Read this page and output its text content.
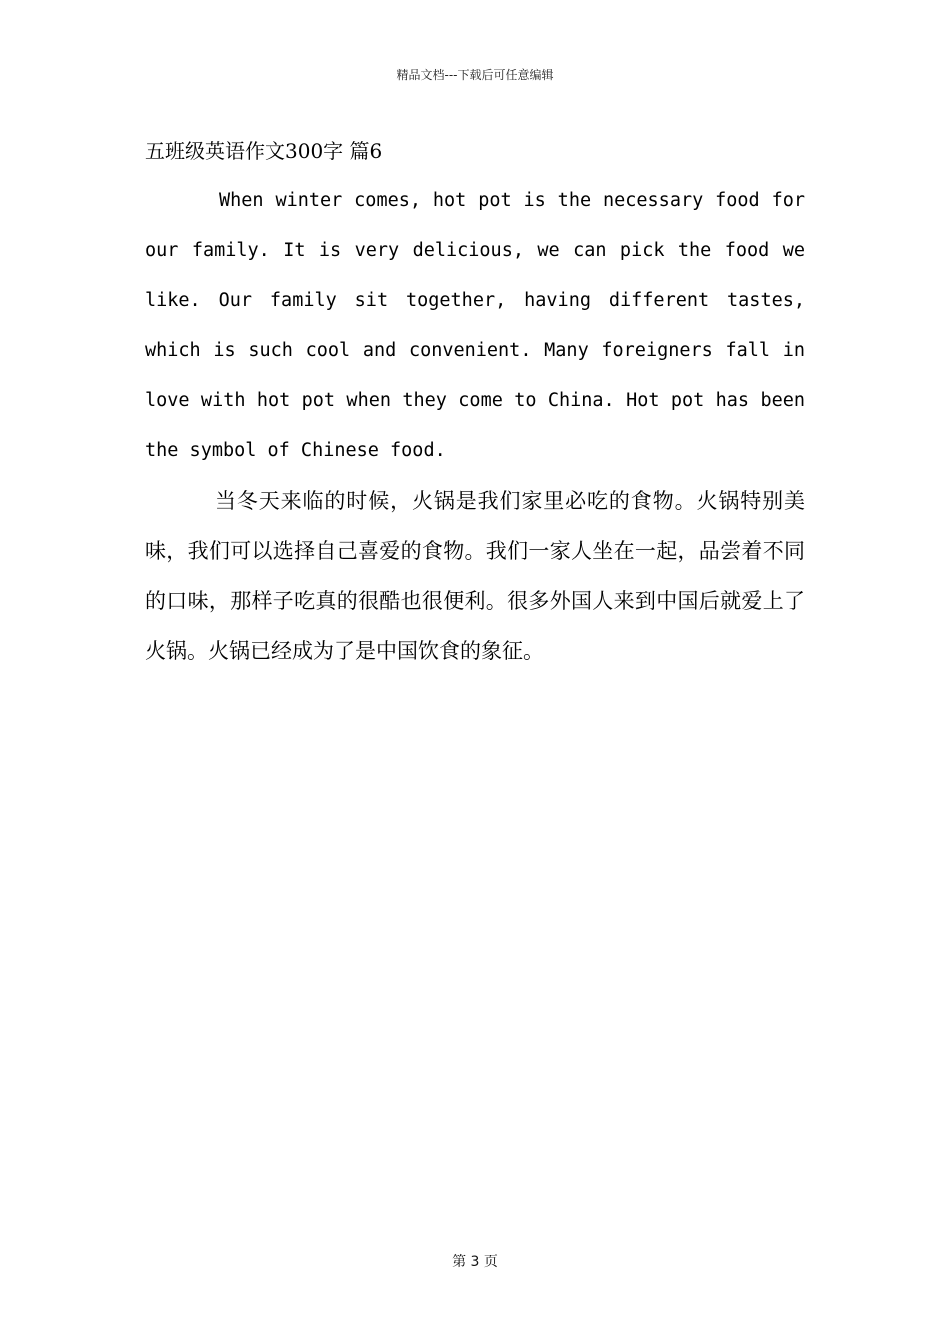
精品文档---下载后可任意编辑
五班级英语作文300字 篇6

When winter comes, hot pot is the necessary food for our family. It is very delicious, we can pick the food we like. Our family sit together, having different tastes, which is such cool and convenient. Many foreigners fall in love with hot pot when they come to China. Hot pot has been the symbol of Chinese food.

当冬天来临的时候，火锅是我们家里必吃的食物。火锅特别美味，我们可以选择自己喜爱的食物。我们一家人坐在一起，品尝着不同的口味，那样子吃真的很酷也很便利。很多外国人来到中国后就爱上了火锅。火锅已经成为了是中国饮食的象征。

第 3 页
